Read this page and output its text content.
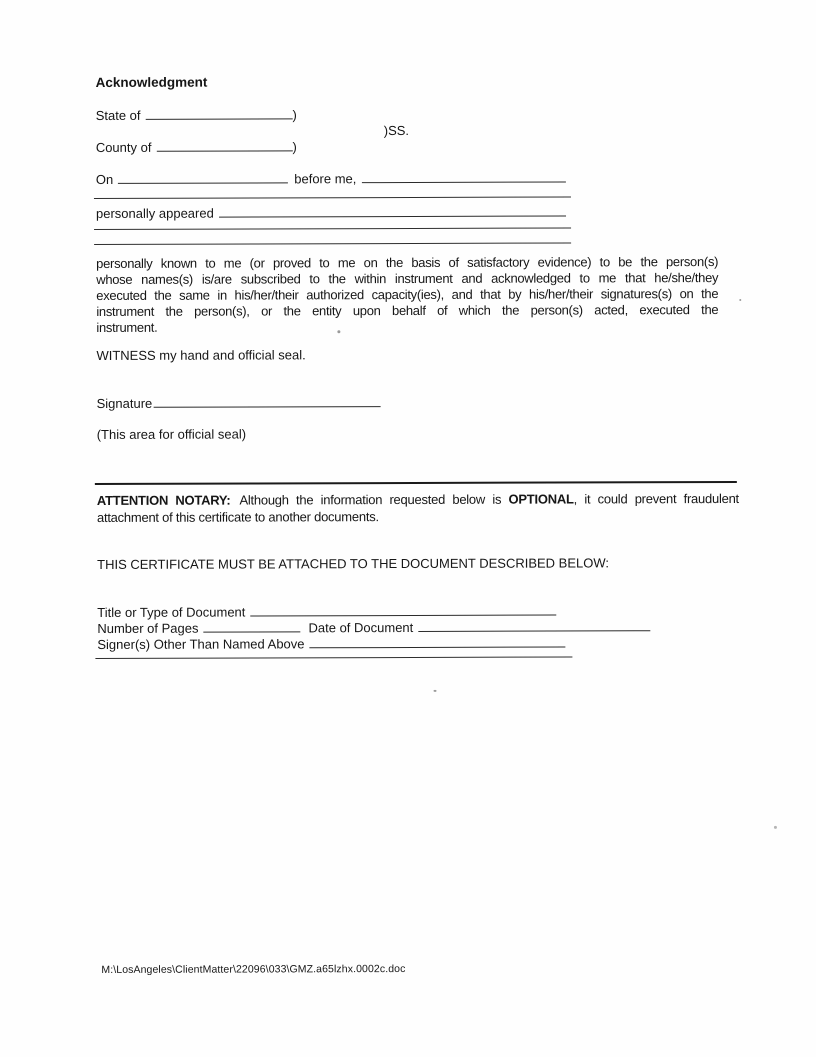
Acknowledgment
State of	)
)SS.
County of	)
On	before me,
personally appeared
personally known to me (or proved to me on the basis of satisfactory evidence) to be the person(s)
whose names(s) is/are subscribed to the within instrument and acknowledged to me that he/she/they
executed the same in his/her/their authorized capacity(ies), and that by his/her/their signatures(s) on the
instrument the person(s), or the entity upon behalf of which the person(s) acted, executed the
instrument.

WITNESS my hand and official seal.

Signature

(This area for official seal)

ATTENTION NOTARY: Although the information requested below is OPTIONAL, it could prevent fraudulent attachment of this certificate to another documents.

THIS CERTIFICATE MUST BE ATTACHED TO THE DOCUMENT DESCRIBED BELOW:

Title or Type of Document
Number of Pages	Date of Document
Signer(s) Other Than Named Above
M:\LosAngeles\ClientMatter\22096\033\GMZ.a65lzhx.0002c.doc
